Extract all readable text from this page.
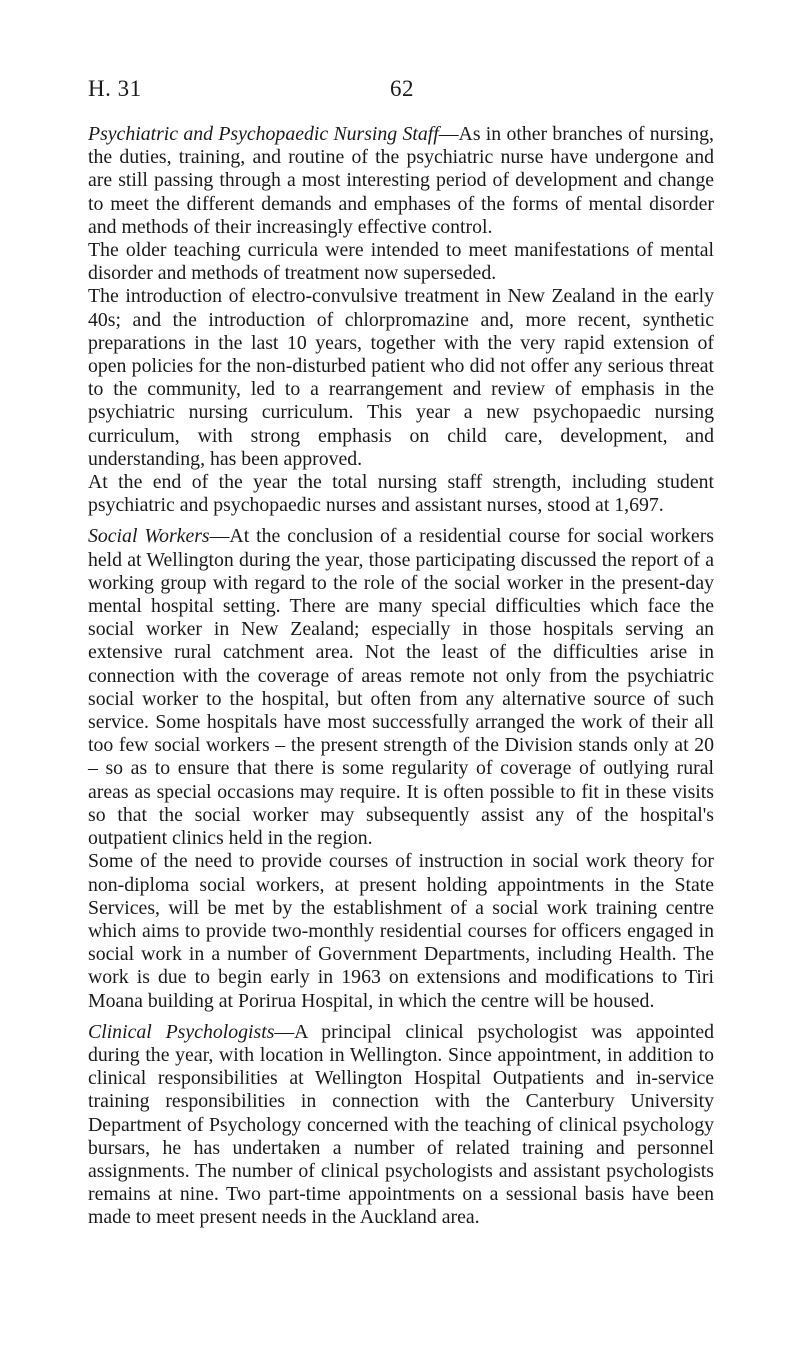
H. 31	62

Psychiatric and Psychopaedic Nursing Staff—As in other branches of nursing, the duties, training, and routine of the psychiatric nurse have undergone and are still passing through a most interesting period of development and change to meet the different demands and emphases of the forms of mental disorder and methods of their increasingly effective control.

The older teaching curricula were intended to meet manifestations of mental disorder and methods of treatment now superseded.

The introduction of electro-convulsive treatment in New Zealand in the early 40s; and the introduction of chlorpromazine and, more recent, synthetic preparations in the last 10 years, together with the very rapid extension of open policies for the non-disturbed patient who did not offer any serious threat to the community, led to a rearrangement and review of emphasis in the psychiatric nursing curriculum. This year a new psychopaedic nursing curriculum, with strong emphasis on child care, development, and understanding, has been approved.

At the end of the year the total nursing staff strength, including student psychiatric and psychopaedic nurses and assistant nurses, stood at 1,697.

Social Workers—At the conclusion of a residential course for social workers held at Wellington during the year, those participating discussed the report of a working group with regard to the role of the social worker in the present-day mental hospital setting. There are many special difficulties which face the social worker in New Zealand; especially in those hospitals serving an extensive rural catchment area. Not the least of the difficulties arise in connection with the coverage of areas remote not only from the psychiatric social worker to the hospital, but often from any alternative source of such service. Some hospitals have most successfully arranged the work of their all too few social workers – the present strength of the Division stands only at 20 – so as to ensure that there is some regularity of coverage of outlying rural areas as special occasions may require. It is often possible to fit in these visits so that the social worker may subsequently assist any of the hospital's outpatient clinics held in the region.

Some of the need to provide courses of instruction in social work theory for non-diploma social workers, at present holding appointments in the State Services, will be met by the establishment of a social work training centre which aims to provide two-monthly residential courses for officers engaged in social work in a number of Government Departments, including Health. The work is due to begin early in 1963 on extensions and modifications to Tiri Moana building at Porirua Hospital, in which the centre will be housed.

Clinical Psychologists—A principal clinical psychologist was appointed during the year, with location in Wellington. Since appointment, in addition to clinical responsibilities at Wellington Hospital Outpatients and in-service training responsibilities in connection with the Canterbury University Department of Psychology concerned with the teaching of clinical psychology bursars, he has undertaken a number of related training and personnel assignments. The number of clinical psychologists and assistant psychologists remains at nine. Two part-time appointments on a sessional basis have been made to meet present needs in the Auckland area.
